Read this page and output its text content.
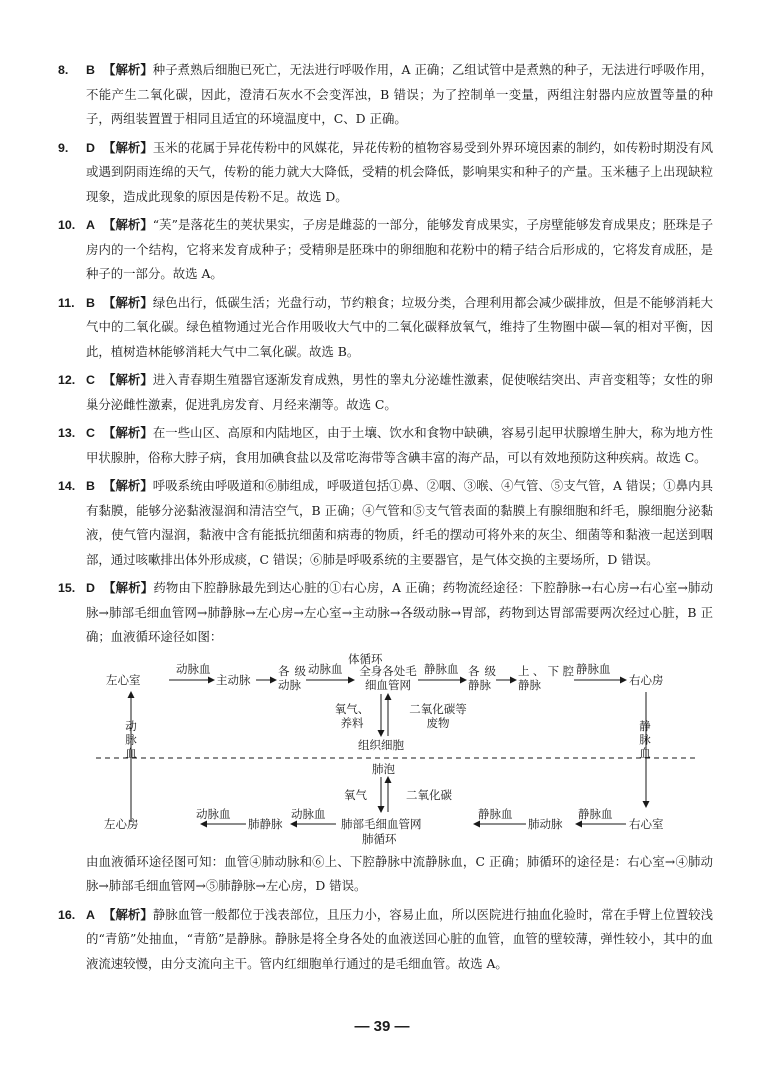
8. B 【解析】种子煮熟后细胞已死亡，无法进行呼吸作用，A 正确；乙组试管中是煮熟的种子，无法进行呼吸作用，不能产生二氧化碳，因此，澄清石灰水不会变浑浊，B 错误；为了控制单一变量，两组注射器内应放置等量的种子，两组装置置于相同且适宜的环境温度中，C、D 正确。

9. D 【解析】玉米的花属于异花传粉中的风媒花，异花传粉的植物容易受到外界环境因素的制约，如传粉时期没有风或遇到阴雨连绵的天气，传粉的能力就大大降低，受精的机会降低，影响果实和种子的产量。玉米穗子上出现缺粒现象，造成此现象的原因是传粉不足。故选 D。

10. A 【解析】“芙”是落花生的荚状果实，子房是雌蕊的一部分，能够发育成果实，子房壁能够发育成果皮；胚珠是子房内的一个结构，它将来发育成种子；受精卵是胚珠中的卵细胞和花粉中的精子结合后形成的，它将发育成胚，是种子的一部分。故选 A。

11. B 【解析】绿色出行，低碳生活；光盘行动，节约粮食；垃圾分类，合理利用都会减少碳排放，但是不能够消耗大气中的二氧化碳。绿色植物通过光合作用吸收大气中的二氧化碳释放氧气，维持了生物圈中碳—氧的相对平衡，因此，植树造林能够消耗大气中二氧化碳。故选 B。

12. C 【解析】进入青春期生殖器官逐渐发育成熟，男性的睾丸分泌雄性激素，促使喉结突出、声音变粗等；女性的卵巢分泌雌性激素，促进乳房发育、月经来潮等。故选 C。

13. C 【解析】在一些山区、高原和内陆地区，由于土壤、饮水和食物中缺碘，容易引起甲状腺增生肿大，称为地方性甲状腺肿，俗称大脖子病，食用加碘食盐以及常吃海带等含碘丰富的海产品，可以有效地预防这种疾病。故选 C。

14. B 【解析】呼吸系统由呼吸道和⑥肺组成，呼吸道包括①鼻、②咽、③喉、④气管、⑤支气管，A 错误；①鼻内具有黏膜，能够分泌黏液湿润和清洁空气，B 正确；④气管和⑤支气管表面的黏膜上有腺细胞和纤毛，腺细胞分泌黏液，使气管内湿润，黏液中含有能抵抗细菌和病毒的物质，纤毛的摆动可将外来的灰尘、细菌等和黏液一起送到咽部，通过咳嗽排出体外形成痰，C 错误；⑥肺是呼吸系统的主要器官，是气体交换的主要场所，D 错误。

15. D 【解析】药物由下腔静脉最先到达心脏的①右心房，A 正确；药物流经途径：下腔静脉→右心房→右心室→肺动脉→肺部毛细血管网→肺静脉→左心房→左心室→主动脉→各级动脉→胃部，药物到达胃部需要两次经过心脏，B 正确；血液循环途径如图：

体循环
左心室
动脉血
主动脉
各级动脉
动脉血 全身各处毛细血管网
静脉血 各级静脉
上、下腔静脉
静脉血
右心房
氧气、养料
二氧化碳等废物
组织细胞
动脉血	静脉血
肺泡
氧气	二氧化碳
左心房
动脉血
肺静脉
动脉血
肺部毛细血管网
静脉血
肺动脉
静脉血
右心室
肺循环

由血液循环途径图可知：血管④肺动脉和⑥上、下腔静脉中流静脉血，C 正确；肺循环的途径是：右心室→④肺动脉→肺部毛细血管网→⑤肺静脉→左心房，D 错误。

16. A 【解析】静脉血管一般都位于浅表部位，且压力小，容易止血，所以医院进行抽血化验时，常在手臂上位置较浅的“青筋”处抽血，“青筋”是静脉。静脉是将全身各处的血液送回心脏的血管，血管的壁较薄，弹性较小，其中的血液流速较慢，由分支流向主干。管内红细胞单行通过的是毛细血管。故选 A。

— 39 —
